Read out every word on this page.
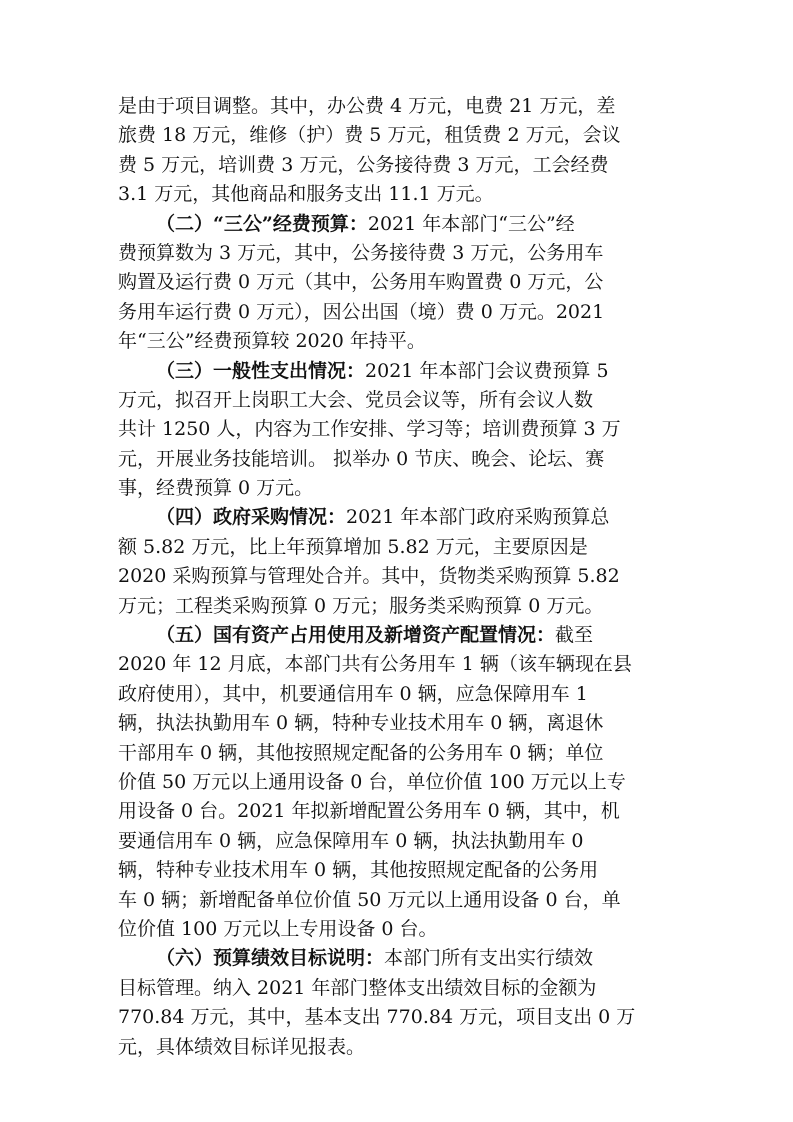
是由于项目调整。其中，办公费 4 万元，电费 21 万元，差
旅费 18 万元，维修（护）费 5 万元，租赁费 2 万元，会议
费 5 万元，培训费 3 万元，公务接待费 3 万元，工会经费
3.1 万元，其他商品和服务支出 11.1 万元。
（二）“三公”经费预算：2021 年本部门“三公”经
费预算数为 3 万元，其中，公务接待费 3 万元，公务用车
购置及运行费 0 万元（其中，公务用车购置费 0 万元，公
务用车运行费 0 万元），因公出国（境）费 0 万元。2021
年“三公”经费预算较 2020 年持平。
（三）一般性支出情况：2021 年本部门会议费预算 5
万元，拟召开上岗职工大会、党员会议等，所有会议人数
共计 1250 人，内容为工作安排、学习等；培训费预算 3 万
元，开展业务技能培训。 拟举办 0 节庆、晚会、论坛、赛
事，经费预算 0 万元。
（四）政府采购情况：2021 年本部门政府采购预算总
额 5.82 万元，比上年预算增加 5.82 万元，主要原因是
2020 采购预算与管理处合并。其中，货物类采购预算 5.82
万元；工程类采购预算 0 万元；服务类采购预算 0 万元。
（五）国有资产占用使用及新增资产配置情况：截至
2020 年 12 月底，本部门共有公务用车 1 辆（该车辆现在县
政府使用），其中，机要通信用车 0 辆，应急保障用车 1
辆，执法执勤用车 0 辆，特种专业技术用车 0 辆，离退休
干部用车 0 辆，其他按照规定配备的公务用车 0 辆；单位
价值 50 万元以上通用设备 0 台，单位价值 100 万元以上专
用设备 0 台。2021 年拟新增配置公务用车 0 辆，其中，机
要通信用车 0 辆，应急保障用车 0 辆，执法执勤用车 0
辆，特种专业技术用车 0 辆，其他按照规定配备的公务用
车 0 辆；新增配备单位价值 50 万元以上通用设备 0 台，单
位价值 100 万元以上专用设备 0 台。
（六）预算绩效目标说明：本部门所有支出实行绩效
目标管理。纳入 2021 年部门整体支出绩效目标的金额为
770.84 万元，其中，基本支出 770.84 万元，项目支出 0 万
元，具体绩效目标详见报表。
